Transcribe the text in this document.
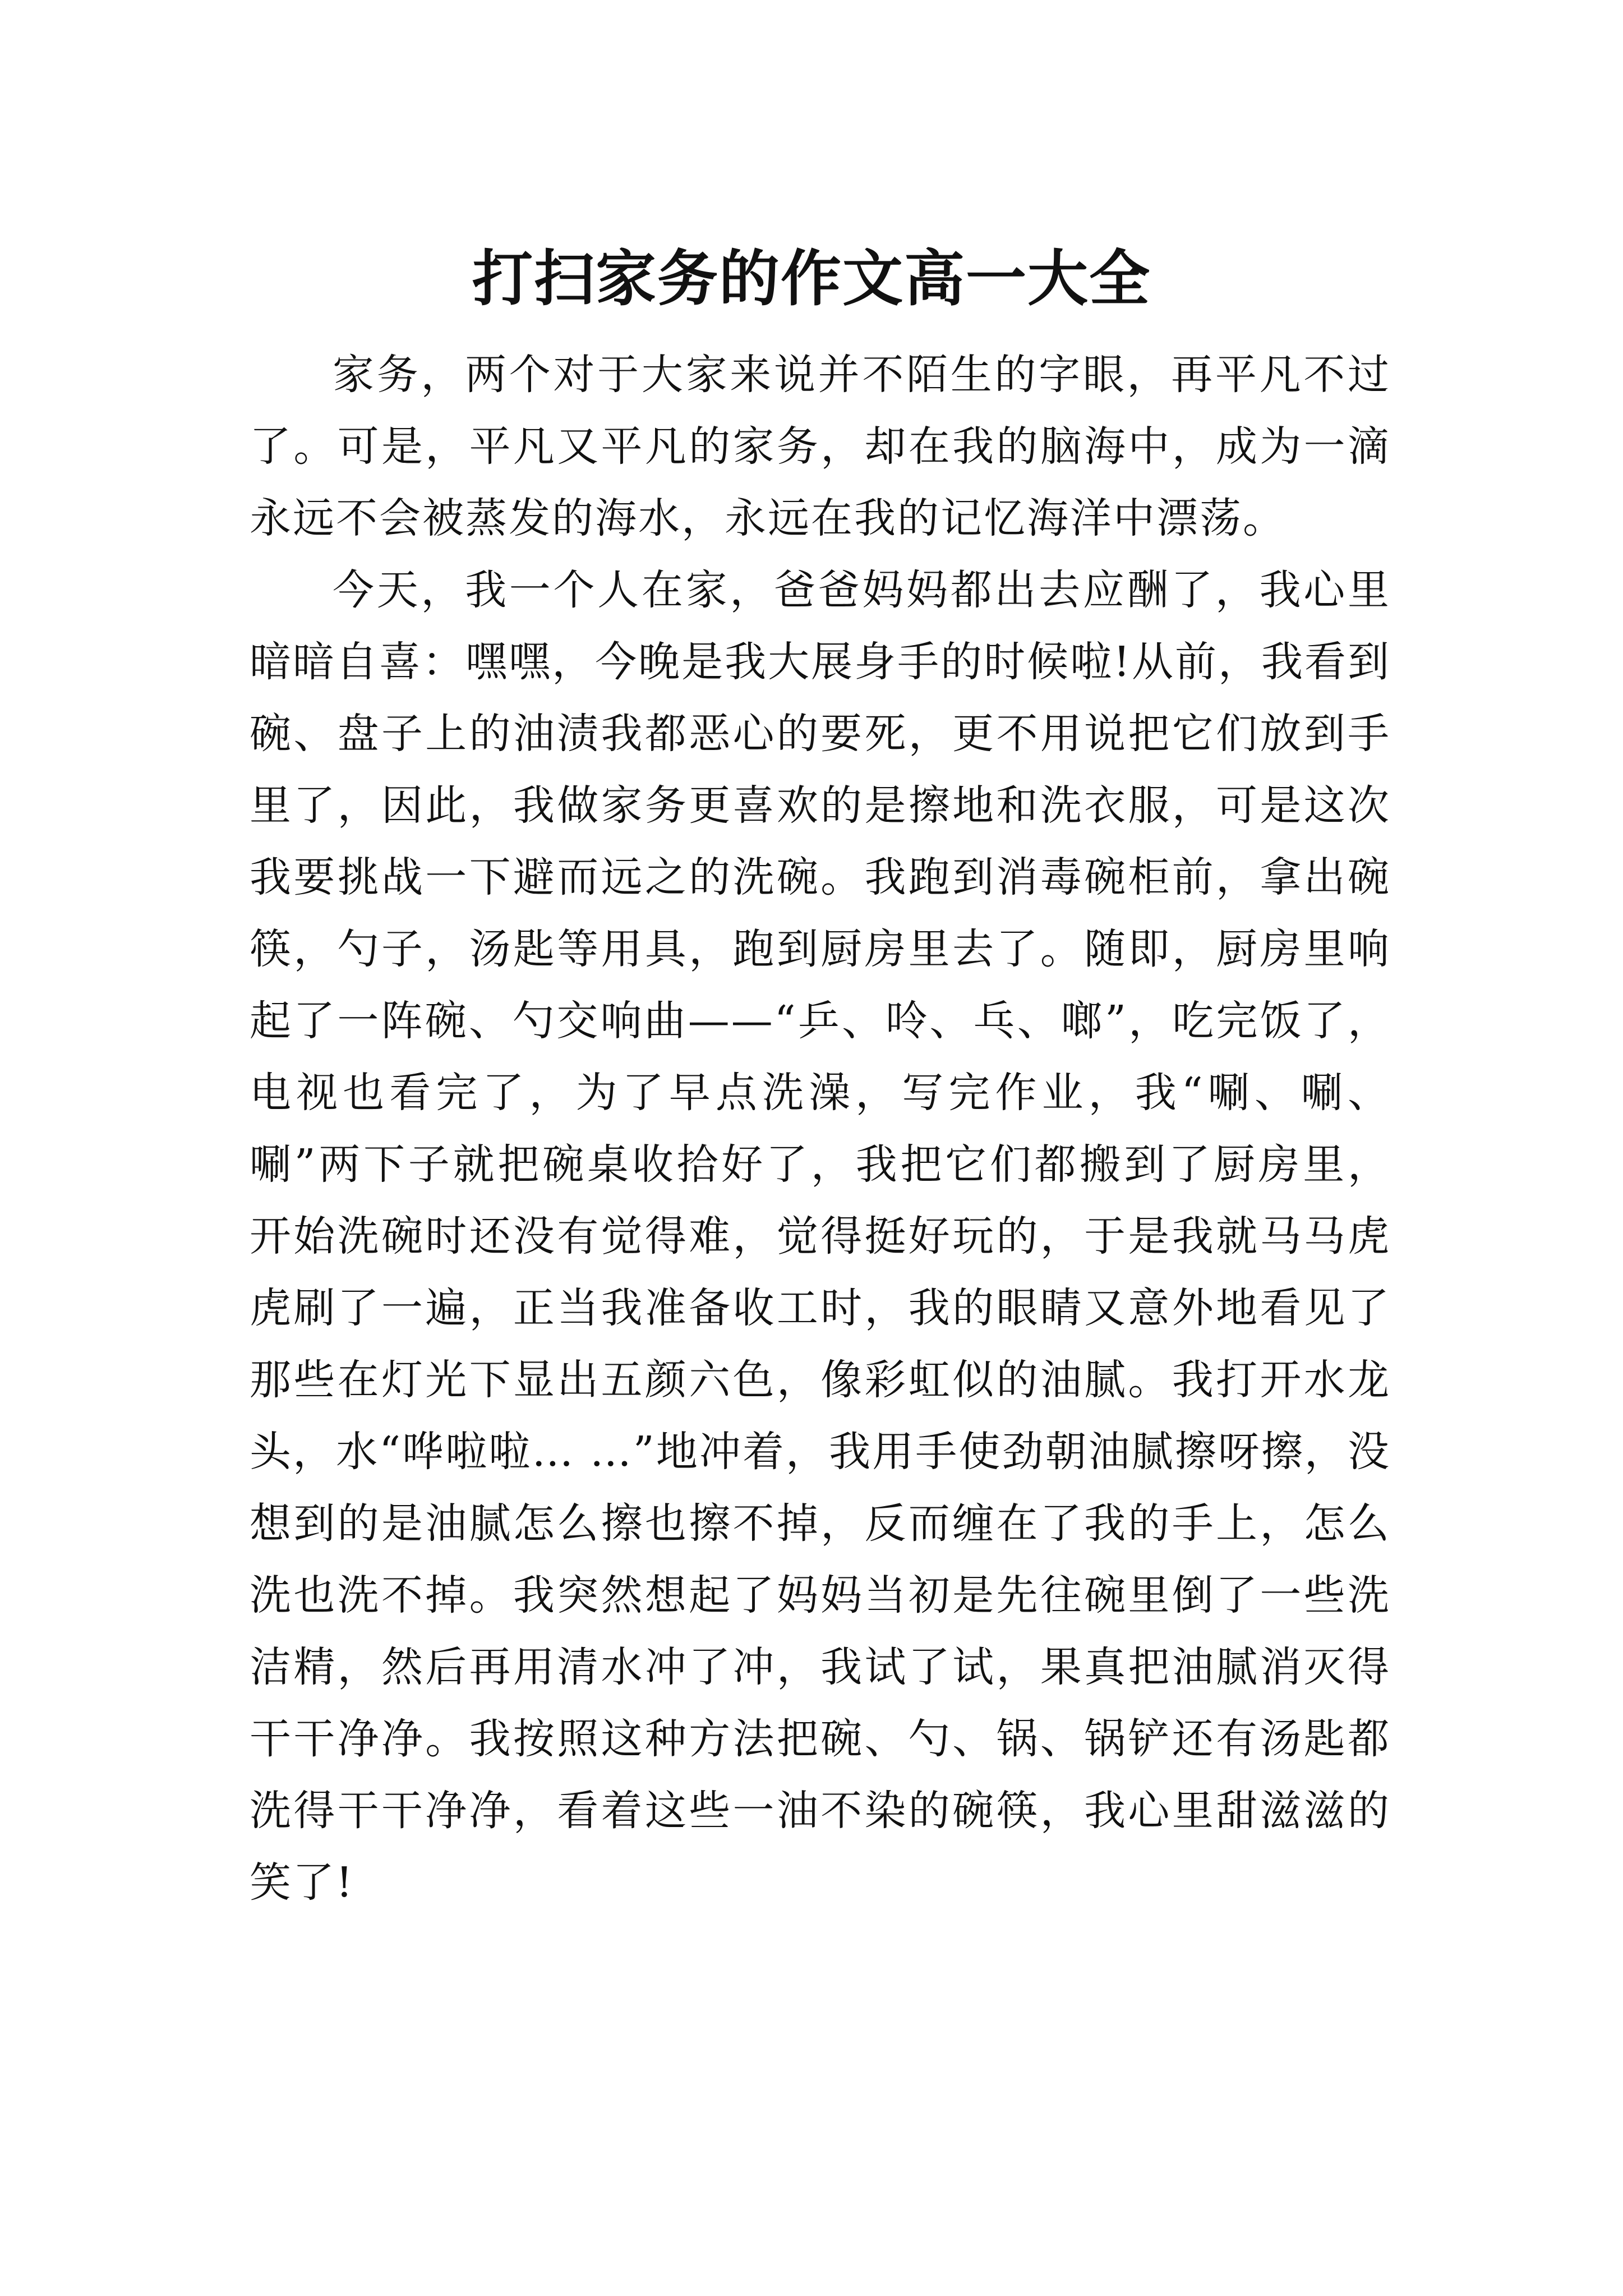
打扫家务的作文高一大全

家务，两个对于大家来说并不陌生的字眼，再平凡不过了。可是，平凡又平凡的家务，却在我的脑海中，成为一滴永远不会被蒸发的海水，永远在我的记忆海洋中漂荡。

今天，我一个人在家，爸爸妈妈都出去应酬了，我心里暗暗自喜：嘿嘿，今晚是我大展身手的时候啦!从前，我看到碗、盘子上的油渍我都恶心的要死，更不用说把它们放到手里了，因此，我做家务更喜欢的是擦地和洗衣服，可是这次我要挑战一下避而远之的洗碗。我跑到消毒碗柜前，拿出碗筷，勺子，汤匙等用具，跑到厨房里去了。随即，厨房里响起了一阵碗、勺交响曲——“乒、呤、乓、啷”，吃完饭了，电视也看完了，为了早点洗澡，写完作业，我“唰、唰、唰”两下子就把碗桌收拾好了，我把它们都搬到了厨房里，开始洗碗时还没有觉得难，觉得挺好玩的，于是我就马马虎虎刷了一遍，正当我准备收工时，我的眼睛又意外地看见了那些在灯光下显出五颜六色，像彩虹似的油腻。我打开水龙头，水“哗啦啦… …”地冲着，我用手使劲朝油腻擦呀擦，没想到的是油腻怎么擦也擦不掉，反而缠在了我的手上，怎么洗也洗不掉。我突然想起了妈妈当初是先往碗里倒了一些洗洁精，然后再用清水冲了冲，我试了试，果真把油腻消灭得干干净净。我按照这种方法把碗、勺、锅、锅铲还有汤匙都洗得干干净净，看着这些一油不染的碗筷，我心里甜滋滋的笑了!
